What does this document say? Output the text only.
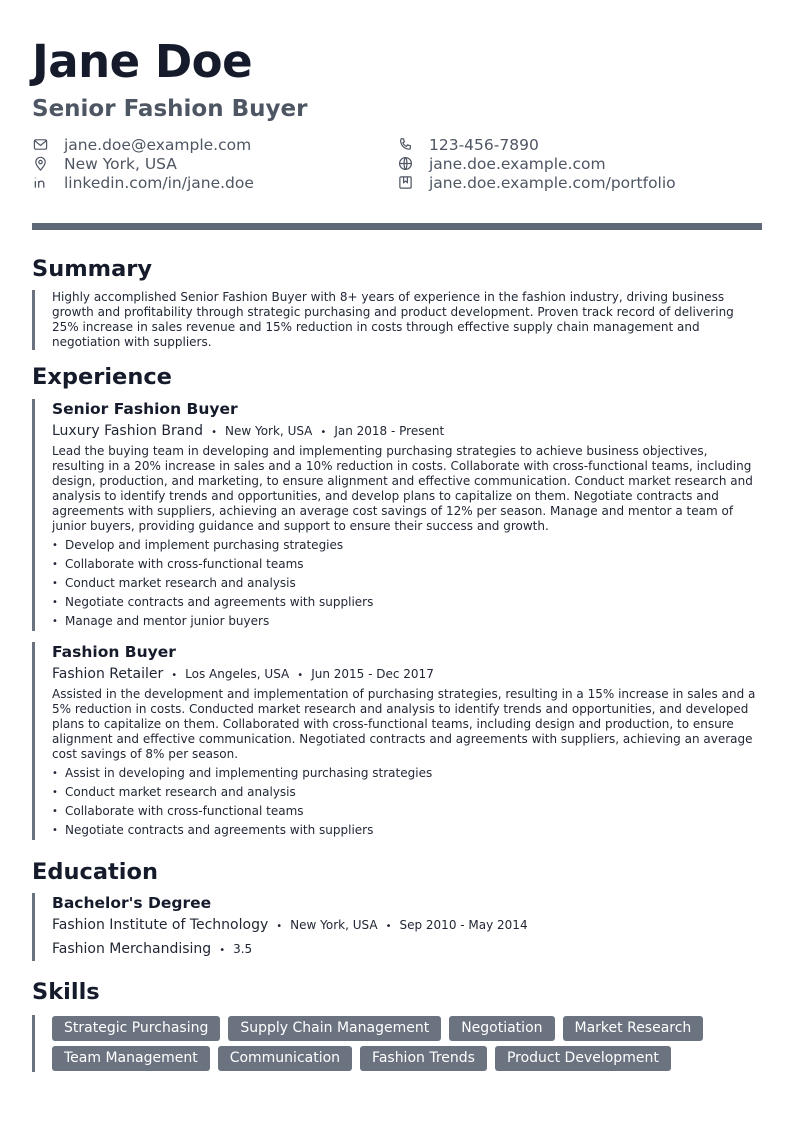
Jane Doe
Senior Fashion Buyer
jane.doe@example.com	123-456-7890
New York, USA	jane.doe.example.com
linkedin.com/in/jane.doe	jane.doe.example.com/portfolio
Summary
Highly accomplished Senior Fashion Buyer with 8+ years of experience in the fashion industry, driving business growth and profitability through strategic purchasing and product development. Proven track record of delivering 25% increase in sales revenue and 15% reduction in costs through effective supply chain management and negotiation with suppliers.
Experience
Senior Fashion Buyer
Luxury Fashion Brand • New York, USA • Jan 2018 - Present
Lead the buying team in developing and implementing purchasing strategies to achieve business objectives, resulting in a 20% increase in sales and a 10% reduction in costs. Collaborate with cross-functional teams, including design, production, and marketing, to ensure alignment and effective communication. Conduct market research and analysis to identify trends and opportunities, and develop plans to capitalize on them. Negotiate contracts and agreements with suppliers, achieving an average cost savings of 12% per season. Manage and mentor a team of junior buyers, providing guidance and support to ensure their success and growth.
• Develop and implement purchasing strategies
• Collaborate with cross-functional teams
• Conduct market research and analysis
• Negotiate contracts and agreements with suppliers
• Manage and mentor junior buyers
Fashion Buyer
Fashion Retailer • Los Angeles, USA • Jun 2015 - Dec 2017
Assisted in the development and implementation of purchasing strategies, resulting in a 15% increase in sales and a 5% reduction in costs. Conducted market research and analysis to identify trends and opportunities, and developed plans to capitalize on them. Collaborated with cross-functional teams, including design and production, to ensure alignment and effective communication. Negotiated contracts and agreements with suppliers, achieving an average cost savings of 8% per season.
• Assist in developing and implementing purchasing strategies
• Conduct market research and analysis
• Collaborate with cross-functional teams
• Negotiate contracts and agreements with suppliers
Education
Bachelor's Degree
Fashion Institute of Technology • New York, USA • Sep 2010 - May 2014
Fashion Merchandising • 3.5
Skills
Strategic Purchasing	Supply Chain Management	Negotiation	Market Research
Team Management	Communication	Fashion Trends	Product Development
